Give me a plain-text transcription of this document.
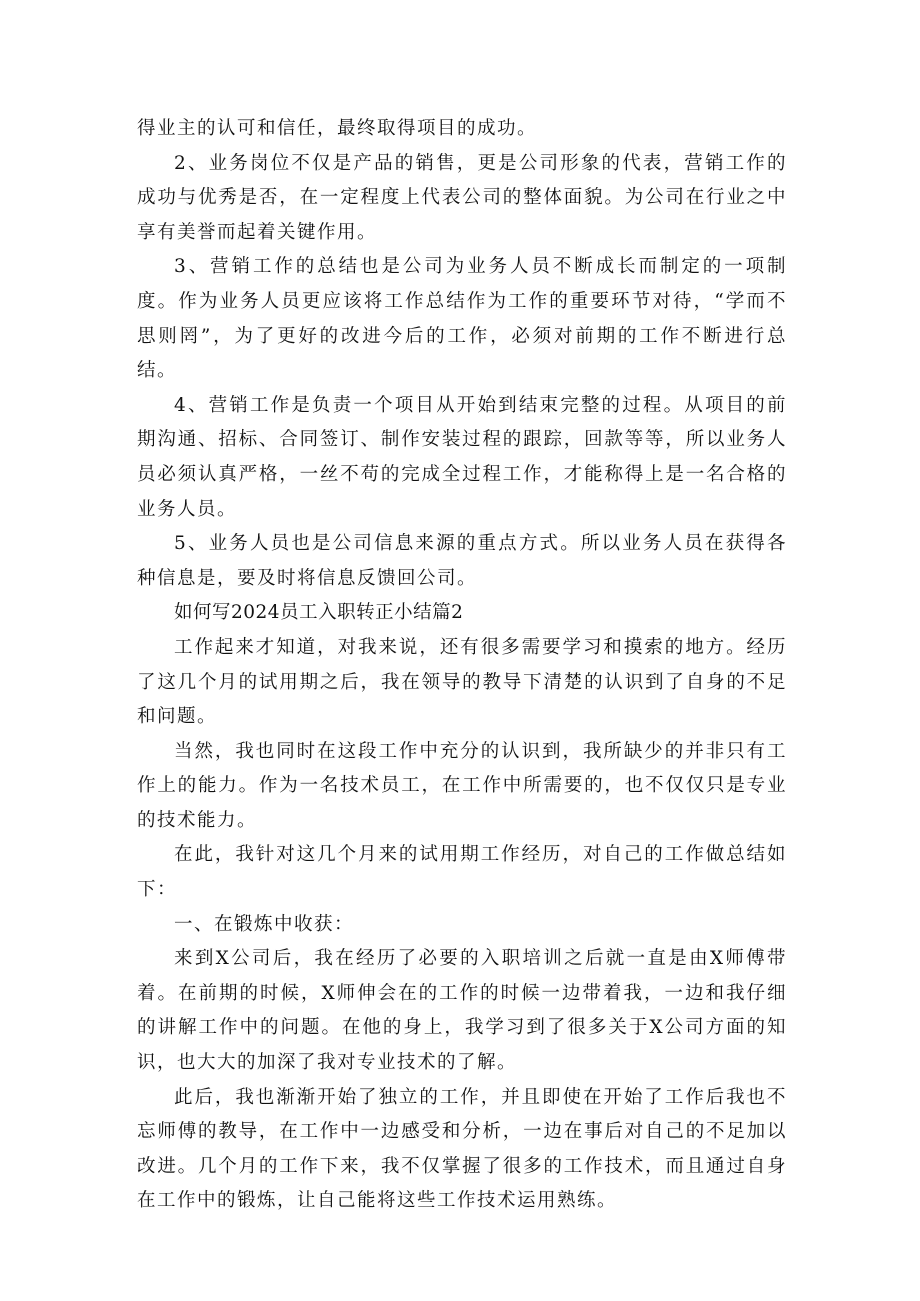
得业主的认可和信任，最终取得项目的成功。

2、业务岗位不仅是产品的销售，更是公司形象的代表，营销工作的成功与优秀是否，在一定程度上代表公司的整体面貌。为公司在行业之中享有美誉而起着关键作用。

3、营销工作的总结也是公司为业务人员不断成长而制定的一项制度。作为业务人员更应该将工作总结作为工作的重要环节对待，“学而不思则罔”，为了更好的改进今后的工作，必须对前期的工作不断进行总结。

4、营销工作是负责一个项目从开始到结束完整的过程。从项目的前期沟通、招标、合同签订、制作安装过程的跟踪，回款等等，所以业务人员必须认真严格，一丝不苟的完成全过程工作，才能称得上是一名合格的业务人员。

5、业务人员也是公司信息来源的重点方式。所以业务人员在获得各种信息是，要及时将信息反馈回公司。

如何写2024员工入职转正小结篇2

工作起来才知道，对我来说，还有很多需要学习和摸索的地方。经历了这几个月的试用期之后，我在领导的教导下清楚的认识到了自身的不足和问题。

当然，我也同时在这段工作中充分的认识到，我所缺少的并非只有工作上的能力。作为一名技术员工，在工作中所需要的，也不仅仅只是专业的技术能力。

在此，我针对这几个月来的试用期工作经历，对自己的工作做总结如下：

一、在锻炼中收获：

来到X公司后，我在经历了必要的入职培训之后就一直是由X师傅带着。在前期的时候，X师伸会在的工作的时候一边带着我，一边和我仔细的讲解工作中的问题。在他的身上，我学习到了很多关于X公司方面的知识，也大大的加深了我对专业技术的了解。

此后，我也渐渐开始了独立的工作，并且即使在开始了工作后我也不忘师傅的教导，在工作中一边感受和分析，一边在事后对自己的不足加以改进。几个月的工作下来，我不仅掌握了很多的工作技术，而且通过自身在工作中的锻炼，让自己能将这些工作技术运用熟练。
